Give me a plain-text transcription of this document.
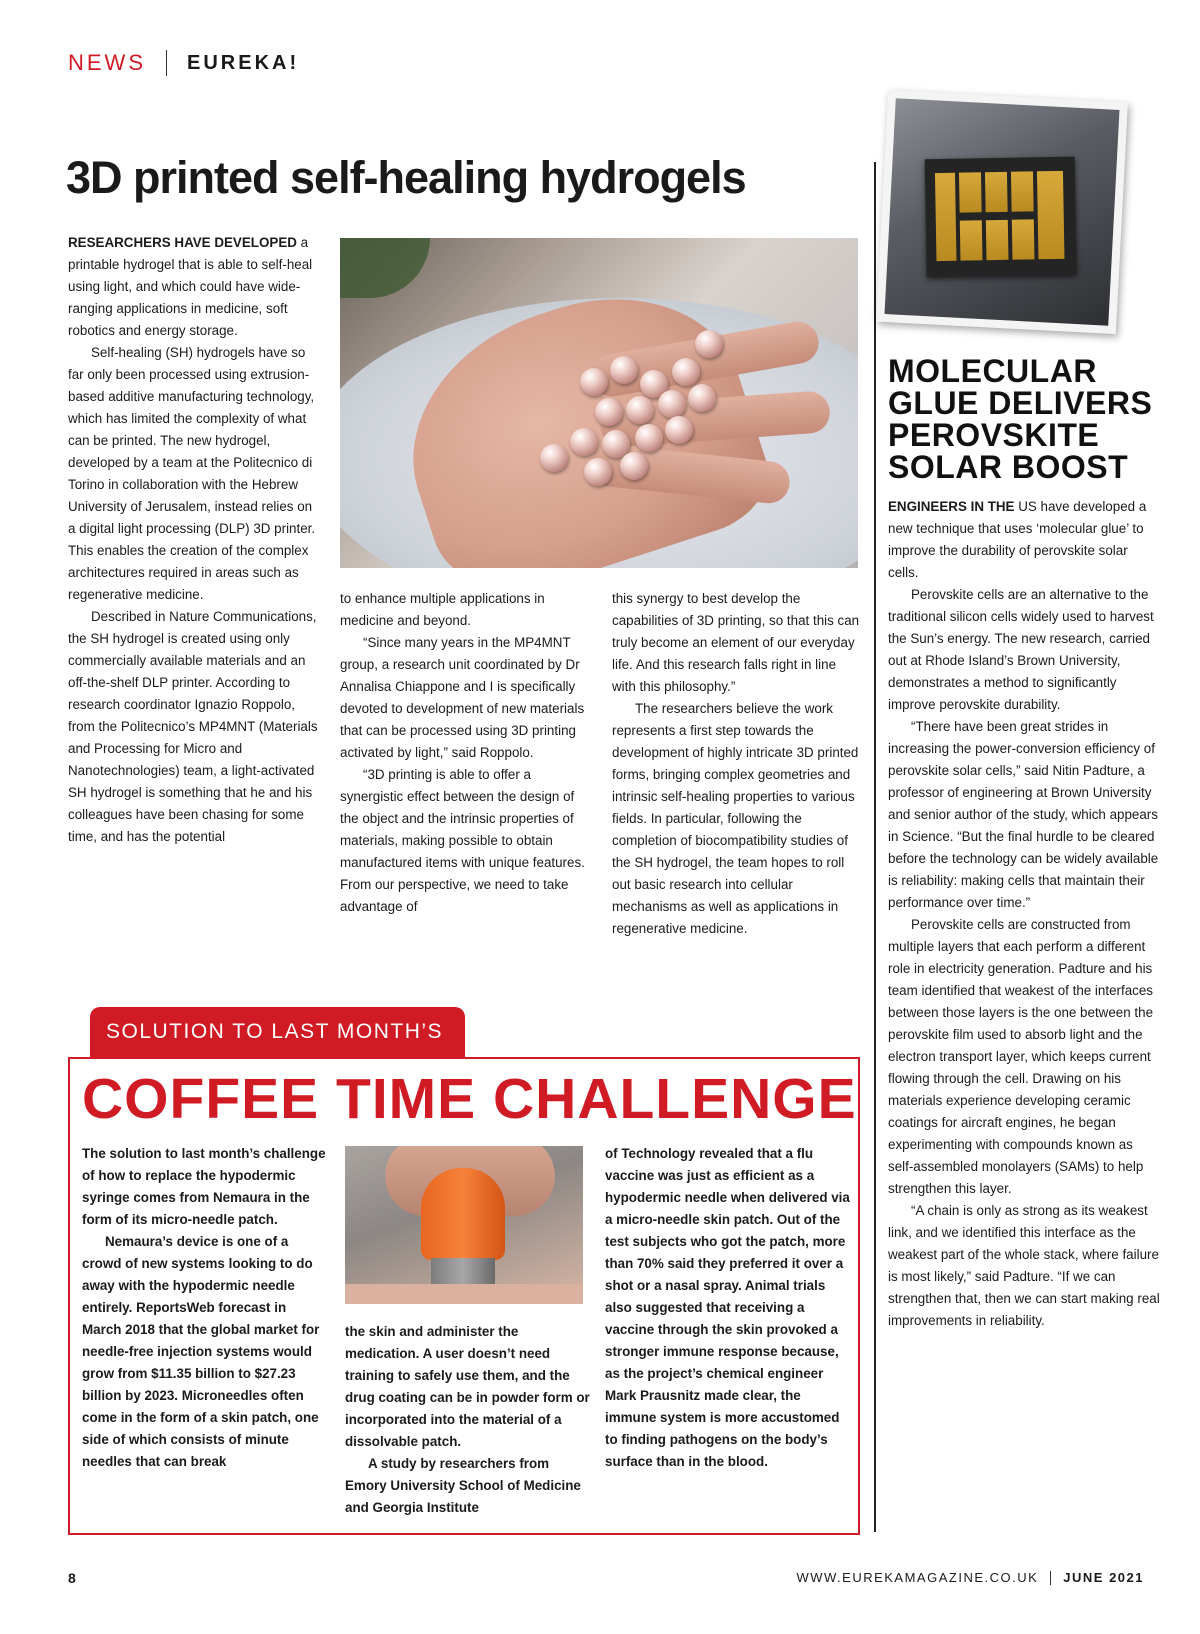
NEWS EUREKA!
3D printed self-healing hydrogels

RESEARCHERS HAVE DEVELOPED a printable hydrogel that is able to self-heal using light, and which could have wide-ranging applications in medicine, soft robotics and energy storage.

Self-healing (SH) hydrogels have so far only been processed using extrusion-based additive manufacturing technology, which has limited the complexity of what can be printed. The new hydrogel, developed by a team at the Politecnico di Torino in collaboration with the Hebrew University of Jerusalem, instead relies on a digital light processing (DLP) 3D printer. This enables the creation of the complex architectures required in areas such as regenerative medicine.

Described in Nature Communications, the SH hydrogel is created using only commercially available materials and an off-the-shelf DLP printer. According to research coordinator Ignazio Roppolo, from the Politecnico’s MP4MNT (Materials and Processing for Micro and Nanotechnologies) team, a light-activated SH hydrogel is something that he and his colleagues have been chasing for some time, and has the potential

to enhance multiple applications in medicine and beyond.

“Since many years in the MP4MNT group, a research unit coordinated by Dr Annalisa Chiappone and I is specifically devoted to development of new materials that can be processed using 3D printing activated by light,” said Roppolo.

“3D printing is able to offer a synergistic effect between the design of the object and the intrinsic properties of materials, making possible to obtain manufactured items with unique features. From our perspective, we need to take advantage of

this synergy to best develop the capabilities of 3D printing, so that this can truly become an element of our everyday life. And this research falls right in line with this philosophy.”

The researchers believe the work represents a first step towards the development of highly intricate 3D printed forms, bringing complex geometries and intrinsic self-healing properties to various fields. In particular, following the completion of biocompatibility studies of the SH hydrogel, the team hopes to roll out basic research into cellular mechanisms as well as applications in regenerative medicine.

MOLECULAR GLUE DELIVERS PEROVSKITE SOLAR BOOST

ENGINEERS IN THE US have developed a new technique that uses ‘molecular glue’ to improve the durability of perovskite solar cells.

Perovskite cells are an alternative to the traditional silicon cells widely used to harvest the Sun’s energy. The new research, carried out at Rhode Island’s Brown University, demonstrates a method to significantly improve perovskite durability.

“There have been great strides in increasing the power-conversion efficiency of perovskite solar cells,” said Nitin Padture, a professor of engineering at Brown University and senior author of the study, which appears in Science. “But the final hurdle to be cleared before the technology can be widely available is reliability: making cells that maintain their performance over time.”

Perovskite cells are constructed from multiple layers that each perform a different role in electricity generation. Padture and his team identified that weakest of the interfaces between those layers is the one between the perovskite film used to absorb light and the electron transport layer, which keeps current flowing through the cell. Drawing on his materials experience developing ceramic coatings for aircraft engines, he began experimenting with compounds known as self-assembled monolayers (SAMs) to help strengthen this layer.

“A chain is only as strong as its weakest link, and we identified this interface as the weakest part of the whole stack, where failure is most likely,” said Padture. “If we can strengthen that, then we can start making real improvements in reliability.

SOLUTION TO LAST MONTH’S
COFFEE TIME CHALLENGE

The solution to last month’s challenge of how to replace the hypodermic syringe comes from Nemaura in the form of its micro-needle patch.

Nemaura’s device is one of a crowd of new systems looking to do away with the hypodermic needle entirely. ReportsWeb forecast in March 2018 that the global market for needle-free injection systems would grow from $11.35 billion to $27.23 billion by 2023. Microneedles often come in the form of a skin patch, one side of which consists of minute needles that can break

the skin and administer the medication. A user doesn’t need training to safely use them, and the drug coating can be in powder form or incorporated into the material of a dissolvable patch.

A study by researchers from Emory University School of Medicine and Georgia Institute

of Technology revealed that a flu vaccine was just as efficient as a hypodermic needle when delivered via a micro-needle skin patch. Out of the test subjects who got the patch, more than 70% said they preferred it over a shot or a nasal spray. Animal trials also suggested that receiving a vaccine through the skin provoked a stronger immune response because, as the project’s chemical engineer Mark Prausnitz made clear, the immune system is more accustomed to finding pathogens on the body’s surface than in the blood.

8	WWW.EUREKAMAGAZINE.CO.UK JUNE 2021
